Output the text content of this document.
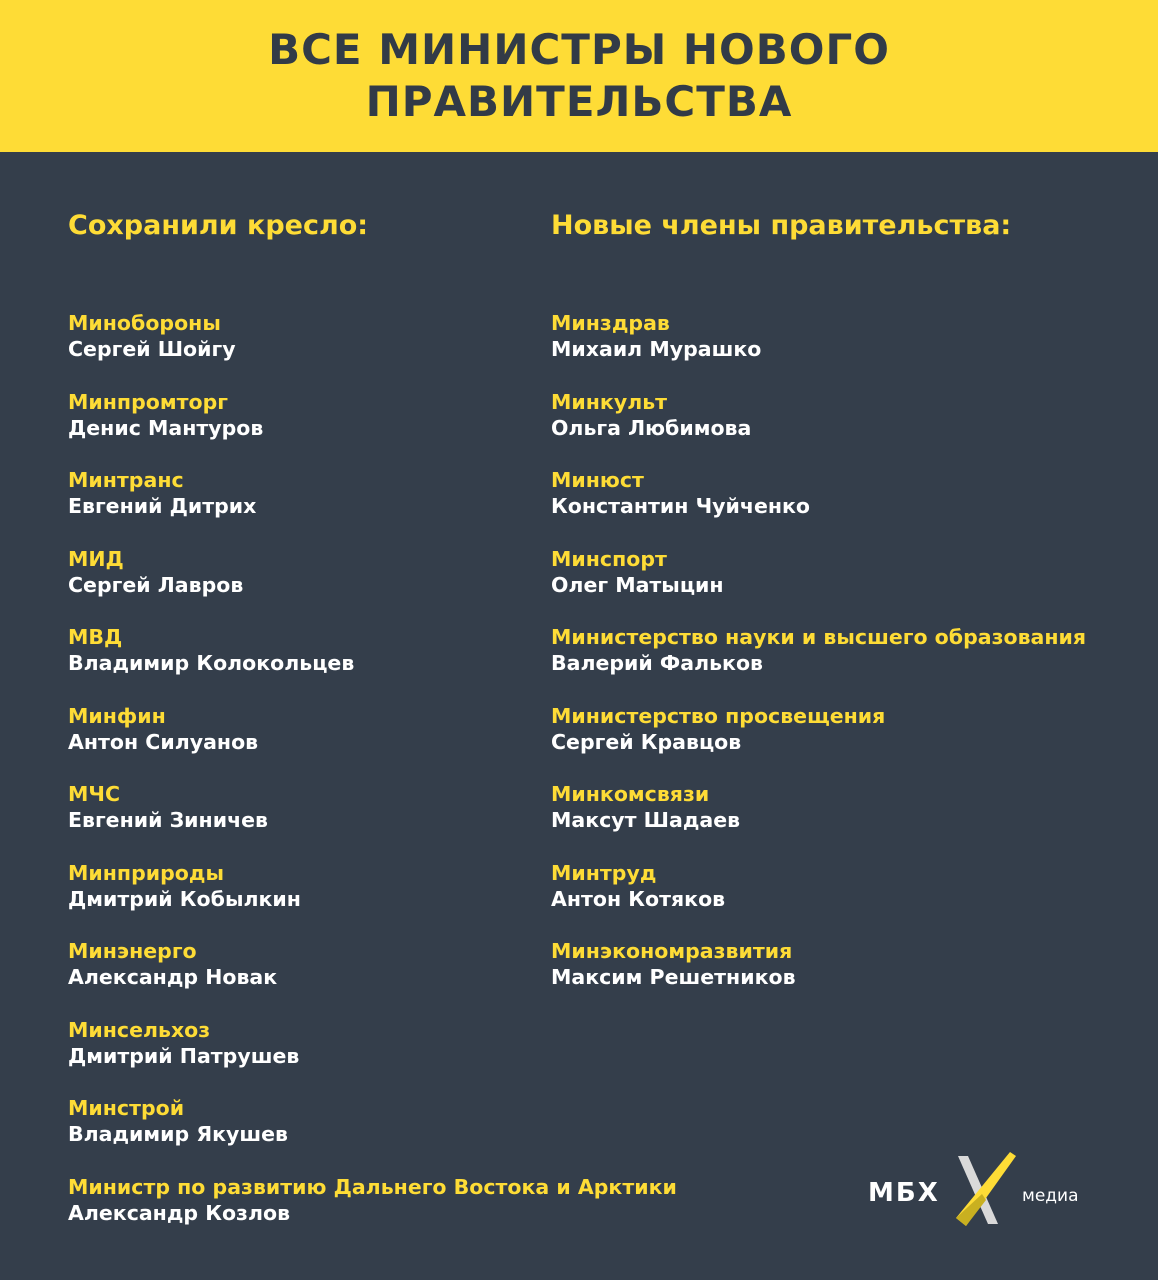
ВСЕ МИНИСТРЫ НОВОГО
ПРАВИТЕЛЬСТВА
Сохранили кресло:
Минобороны
Сергей Шойгу
Минпромторг
Денис Мантуров
Минтранс
Евгений Дитрих
МИД
Сергей Лавров
МВД
Владимир Колокольцев
Минфин
Антон Силуанов
МЧС
Евгений Зиничев
Минприроды
Дмитрий Кобылкин
Минэнерго
Александр Новак
Минсельхоз
Дмитрий Патрушев
Минстрой
Владимир Якушев
Министр по развитию Дальнего Востока и Арктики
Александр Козлов
Новые члены правительства:
Минздрав
Михаил Мурашко
Минкульт
Ольга Любимова
Минюст
Константин Чуйченко
Минспорт
Олег Матыцин
Министерство науки и высшего образования
Валерий Фальков
Министерство просвещения
Сергей Кравцов
Минкомсвязи
Максут Шадаев
Минтруд
Антон Котяков
Минэкономразвития
Максим Решетников
МБХ	медиа
